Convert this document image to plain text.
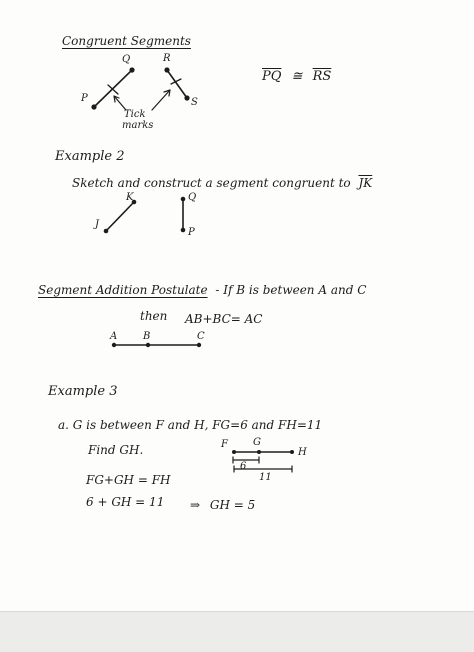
Congruent Segments
Q	R
P	S
Tick
marks
$\overline{PQ}$ ≅ $\overline{RS}$
Example 2
Sketch and construct a segment congruent to $\overline{JK}$
J
K	Q
P
Segment Addition Postulate - If B is between A and C
then AB+BC= AC
A	B	C
Example 3
a. G is between F and H, FG=6 and FH=11
Find GH.	F	G
H
6
11
FG+GH = FH
6 + GH = 11 ⇒ GH = 5
